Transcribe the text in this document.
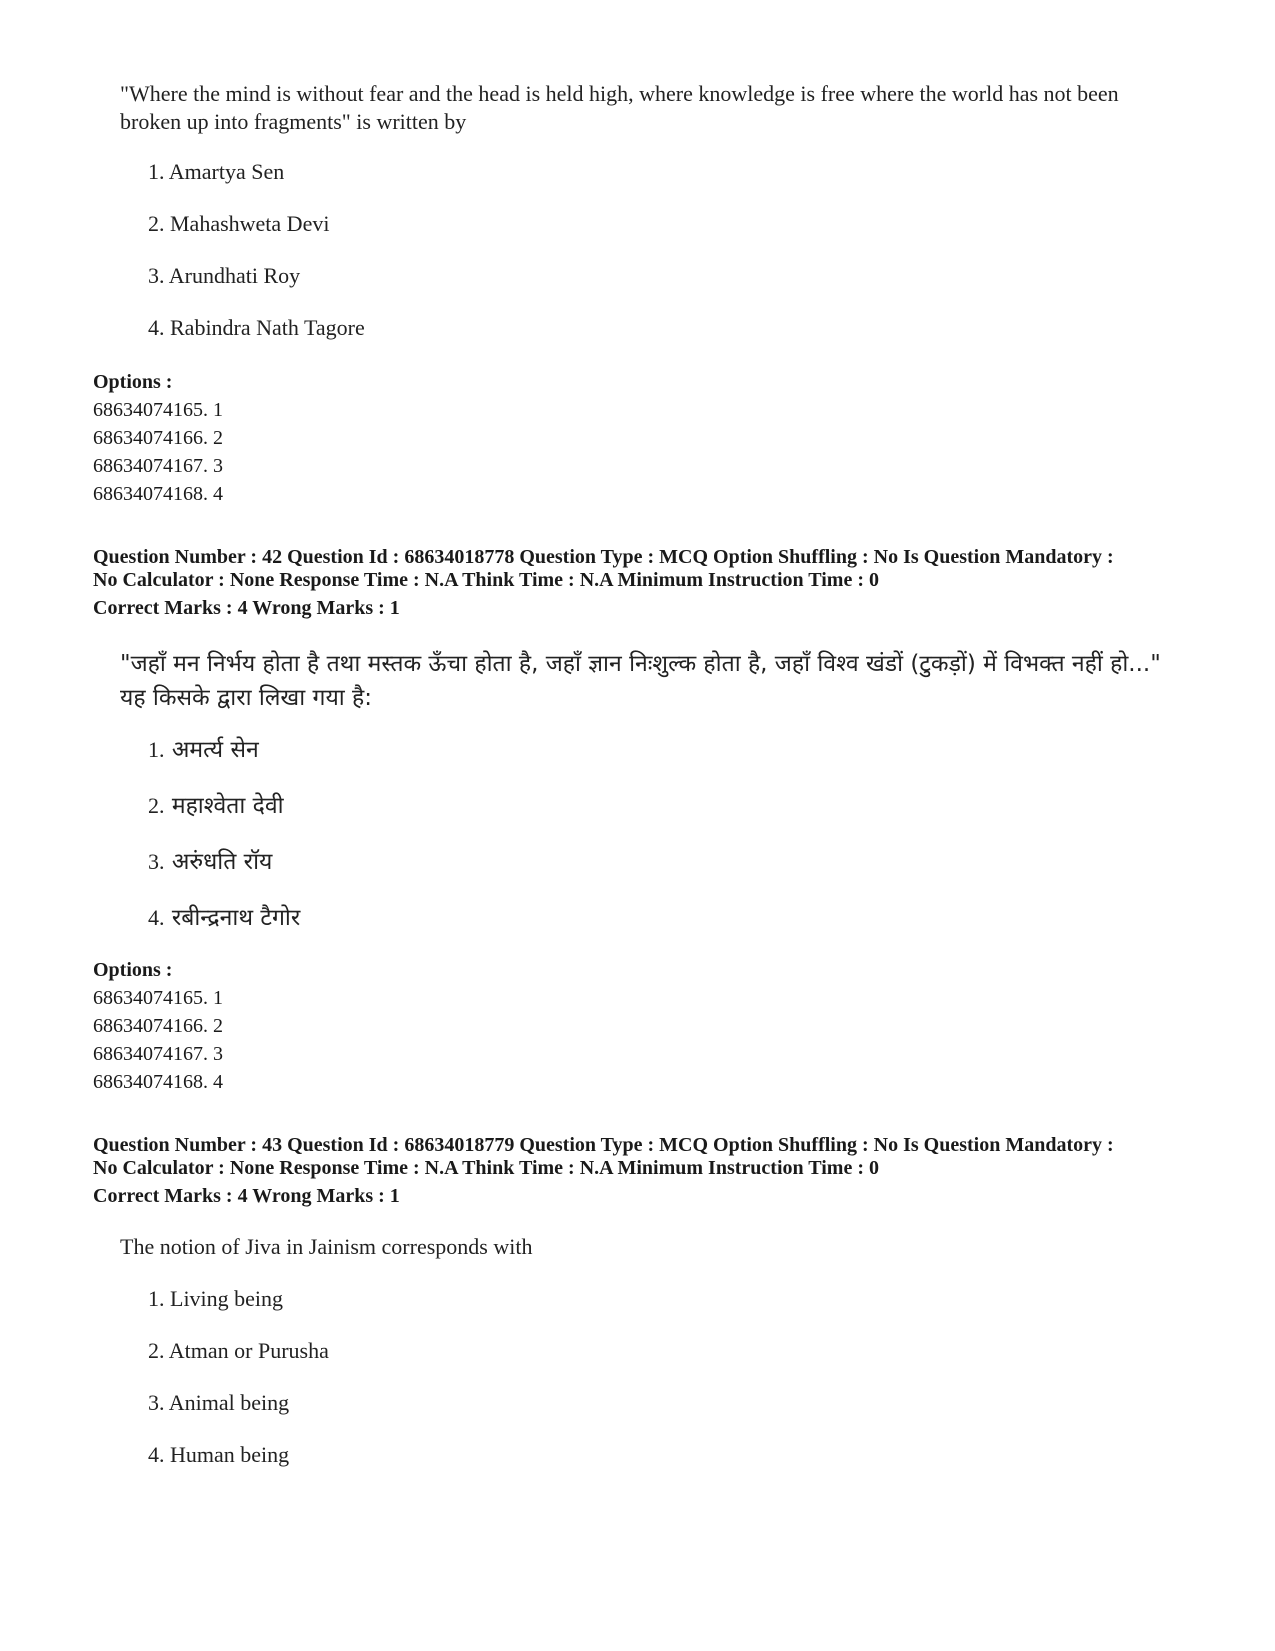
"Where the mind is without fear and the head is held high, where knowledge is free where the world has not been broken up into fragments" is written by
1. Amartya Sen
2. Mahashweta Devi
3. Arundhati Roy
4. Rabindra Nath Tagore
Options :
68634074165. 1
68634074166. 2
68634074167. 3
68634074168. 4
Question Number : 42 Question Id : 68634018778 Question Type : MCQ Option Shuffling : No Is Question Mandatory :
No Calculator : None Response Time : N.A Think Time : N.A Minimum Instruction Time : 0
Correct Marks : 4 Wrong Marks : 1
"जहाँ मन निर्भय होता है तथा मस्तक ऊँचा होता है, जहाँ ज्ञान निःशुल्क होता है, जहाँ विश्व खंडों (टुकड़ों) में विभक्त नहीं हो..." यह किसके द्वारा लिखा गया है:
1. अमर्त्य सेन
2. महाश्वेता देवी
3. अरुंधति रॉय
4. रबीन्द्रनाथ टैगोर
Options :
68634074165. 1
68634074166. 2
68634074167. 3
68634074168. 4
Question Number : 43 Question Id : 68634018779 Question Type : MCQ Option Shuffling : No Is Question Mandatory :
No Calculator : None Response Time : N.A Think Time : N.A Minimum Instruction Time : 0
Correct Marks : 4 Wrong Marks : 1
The notion of Jiva in Jainism corresponds with
1. Living being
2. Atman or Purusha
3. Animal being
4. Human being
